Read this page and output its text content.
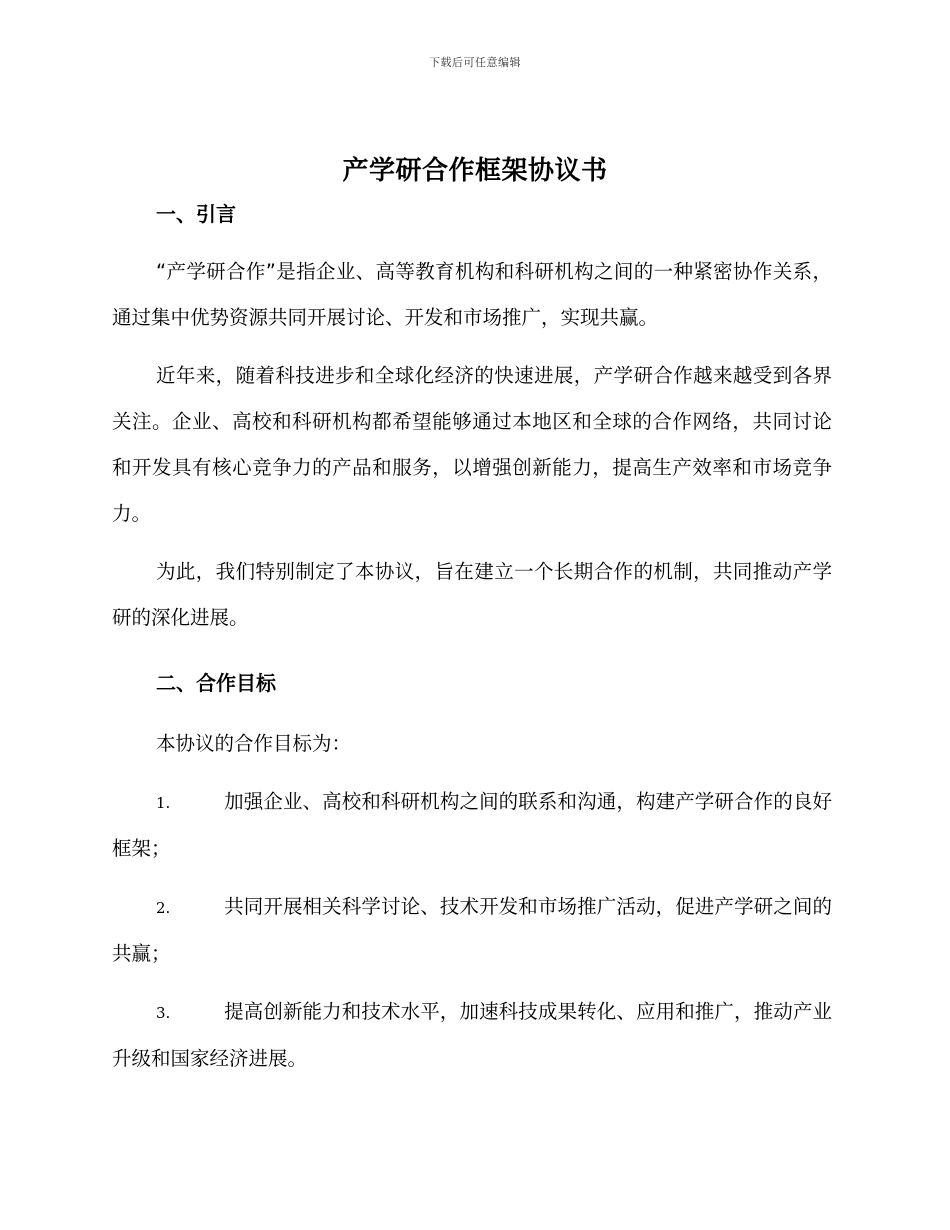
下载后可任意编辑
产学研合作框架协议书
一、引言

“产学研合作”是指企业、高等教育机构和科研机构之间的一种紧密协作关系，通过集中优势资源共同开展讨论、开发和市场推广，实现共赢。

近年来，随着科技进步和全球化经济的快速进展，产学研合作越来越受到各界关注。企业、高校和科研机构都希望能够通过本地区和全球的合作网络，共同讨论和开发具有核心竞争力的产品和服务，以增强创新能力，提高生产效率和市场竞争力。

为此，我们特别制定了本协议，旨在建立一个长期合作的机制，共同推动产学研的深化进展。

二、合作目标

本协议的合作目标为：

1.	加强企业、高校和科研机构之间的联系和沟通，构建产学研合作的良好框架；

2.	共同开展相关科学讨论、技术开发和市场推广活动，促进产学研之间的共赢；

3.	提高创新能力和技术水平，加速科技成果转化、应用和推广，推动产业升级和国家经济进展。
